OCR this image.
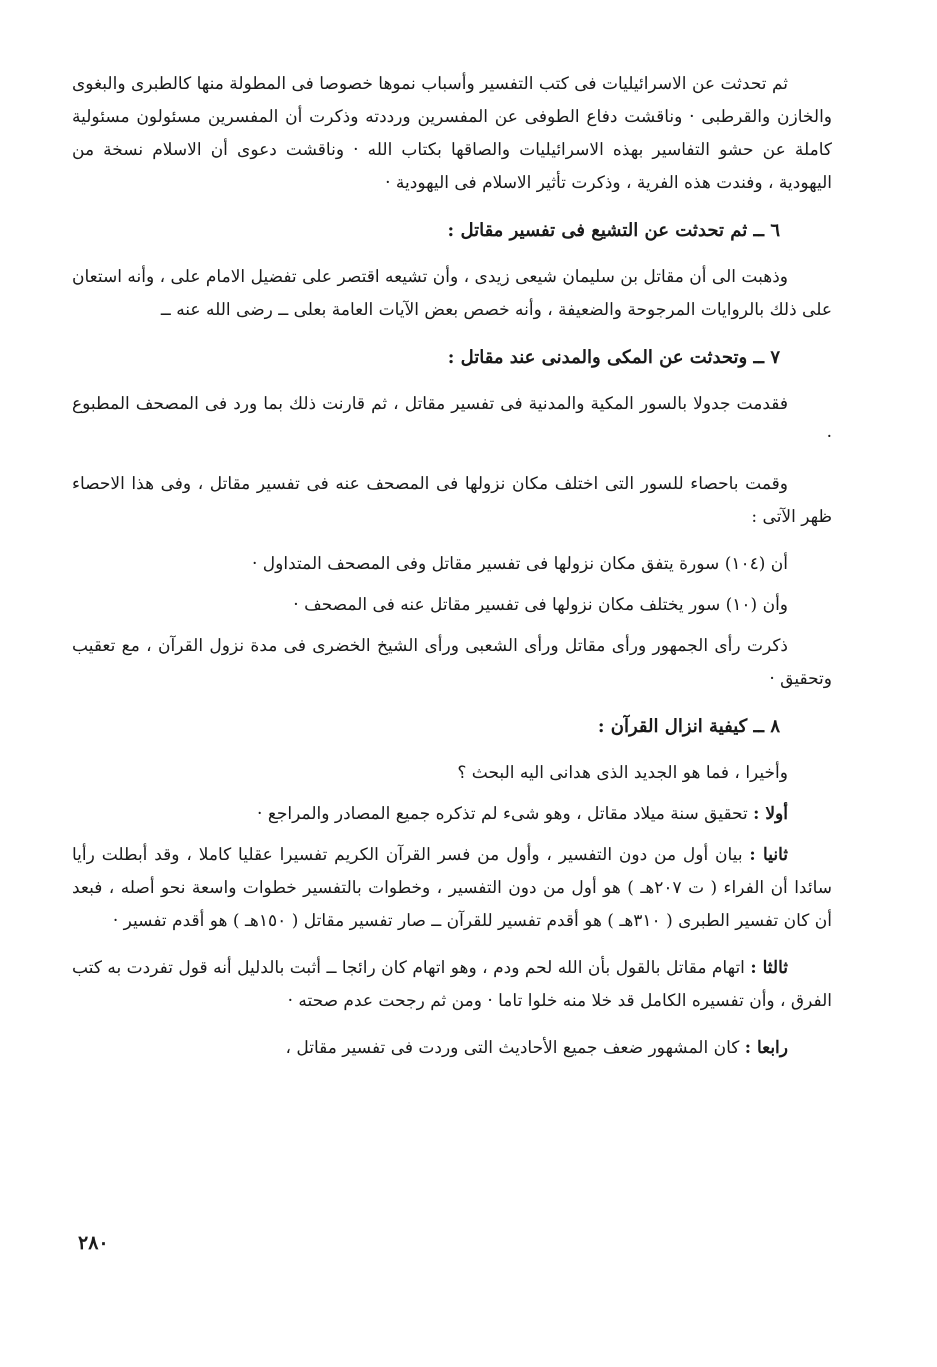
ثم تحدثت عن الاسرائيليات فى كتب التفسير وأسباب نموها خصوصا فى المطولة منها كالطبرى والبغوى والخازن والقرطبى · وناقشت دفاع الطوفى عن المفسرين ورددته وذكرت أن المفسرين مسئولون مسئولية كاملة عن حشو التفاسير بهذه الاسرائيليات والصاقها بكتاب الله · وناقشت دعوى أن الاسلام نسخة من اليهودية ، وفندت هذه الفرية ، وذكرت تأثير الاسلام فى اليهودية ·

٦ ــ ثم تحدثت عن التشيع فى تفسير مقاتل :

وذهبت الى أن مقاتل بن سليمان شيعى زيدى ، وأن تشيعه اقتصر على تفضيل الامام على ، وأنه استعان على ذلك بالروايات المرجوحة والضعيفة ، وأنه خصص بعض الآيات العامة بعلى ــ رضى الله عنه ــ

٧ ــ وتحدثت عن المكى والمدنى عند مقاتل :

فقدمت جدولا بالسور المكية والمدنية فى تفسير مقاتل ، ثم قارنت ذلك بما ورد فى المصحف المطبوع ·

وقمت باحصاء للسور التى اختلف مكان نزولها فى المصحف عنه فى تفسير مقاتل ، وفى هذا الاحصاء ظهر الآتى :

أن (١٠٤) سورة يتفق مكان نزولها فى تفسير مقاتل وفى المصحف المتداول ·

وأن (١٠) سور يختلف مكان نزولها فى تفسير مقاتل عنه فى المصحف ·

ذكرت رأى الجمهور ورأى مقاتل ورأى الشعبى ورأى الشيخ الخضرى فى مدة نزول القرآن ، مع تعقيب وتحقيق ·

٨ ــ كيفية انزال القرآن :

وأخيرا ، فما هو الجديد الذى هدانى اليه البحث ؟

أولا : تحقيق سنة ميلاد مقاتل ، وهو شىء لم تذكره جميع المصادر والمراجع ·

ثانيا : بيان أول من دون التفسير ، وأول من فسر القرآن الكريم تفسيرا عقليا كاملا ، وقد أبطلت رأيا سائدا أن الفراء ( ت ٢٠٧هـ ) هو أول من دون التفسير ، وخطوات بالتفسير خطوات واسعة نحو أصله ، فبعد أن كان تفسير الطبرى ( ٣١٠هـ ) هو أقدم تفسير للقرآن ــ صار تفسير مقاتل ( ١٥٠هـ ) هو أقدم تفسير ·

ثالثا : اتهام مقاتل بالقول بأن الله لحم ودم ، وهو اتهام كان رائجا ــ أثبت بالدليل أنه قول تفردت به كتب الفرق ، وأن تفسيره الكامل قد خلا منه خلوا تاما · ومن ثم رجحت عدم صحته ·

رابعا : كان المشهور ضعف جميع الأحاديث التى وردت فى تفسير مقاتل ،

٢٨٠
